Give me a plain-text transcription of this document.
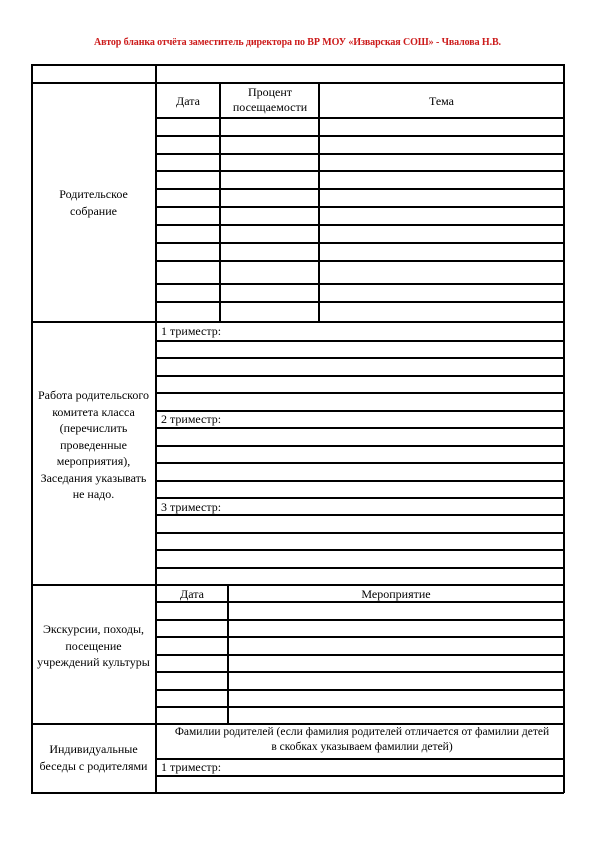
Автор бланка отчёта заместитель директора по ВР МОУ «Изварская СОШ» - Чвалова Н.В.
Родительское собрание
Дата
Процент посещаемости	Тема
Работа родительского комитета класса (перечислить проведенные мероприятия), Заседания указывать не надо.
1 триместр:
2 триместр:
3 триместр:
Экскурсии, походы, посещение учреждений культуры
Дата	Мероприятие
Индивидуальные беседы с родителями
Фамилии родителей (если фамилия родителей отличается от фамилии детей в скобках указываем фамилии детей)
1 триместр:
